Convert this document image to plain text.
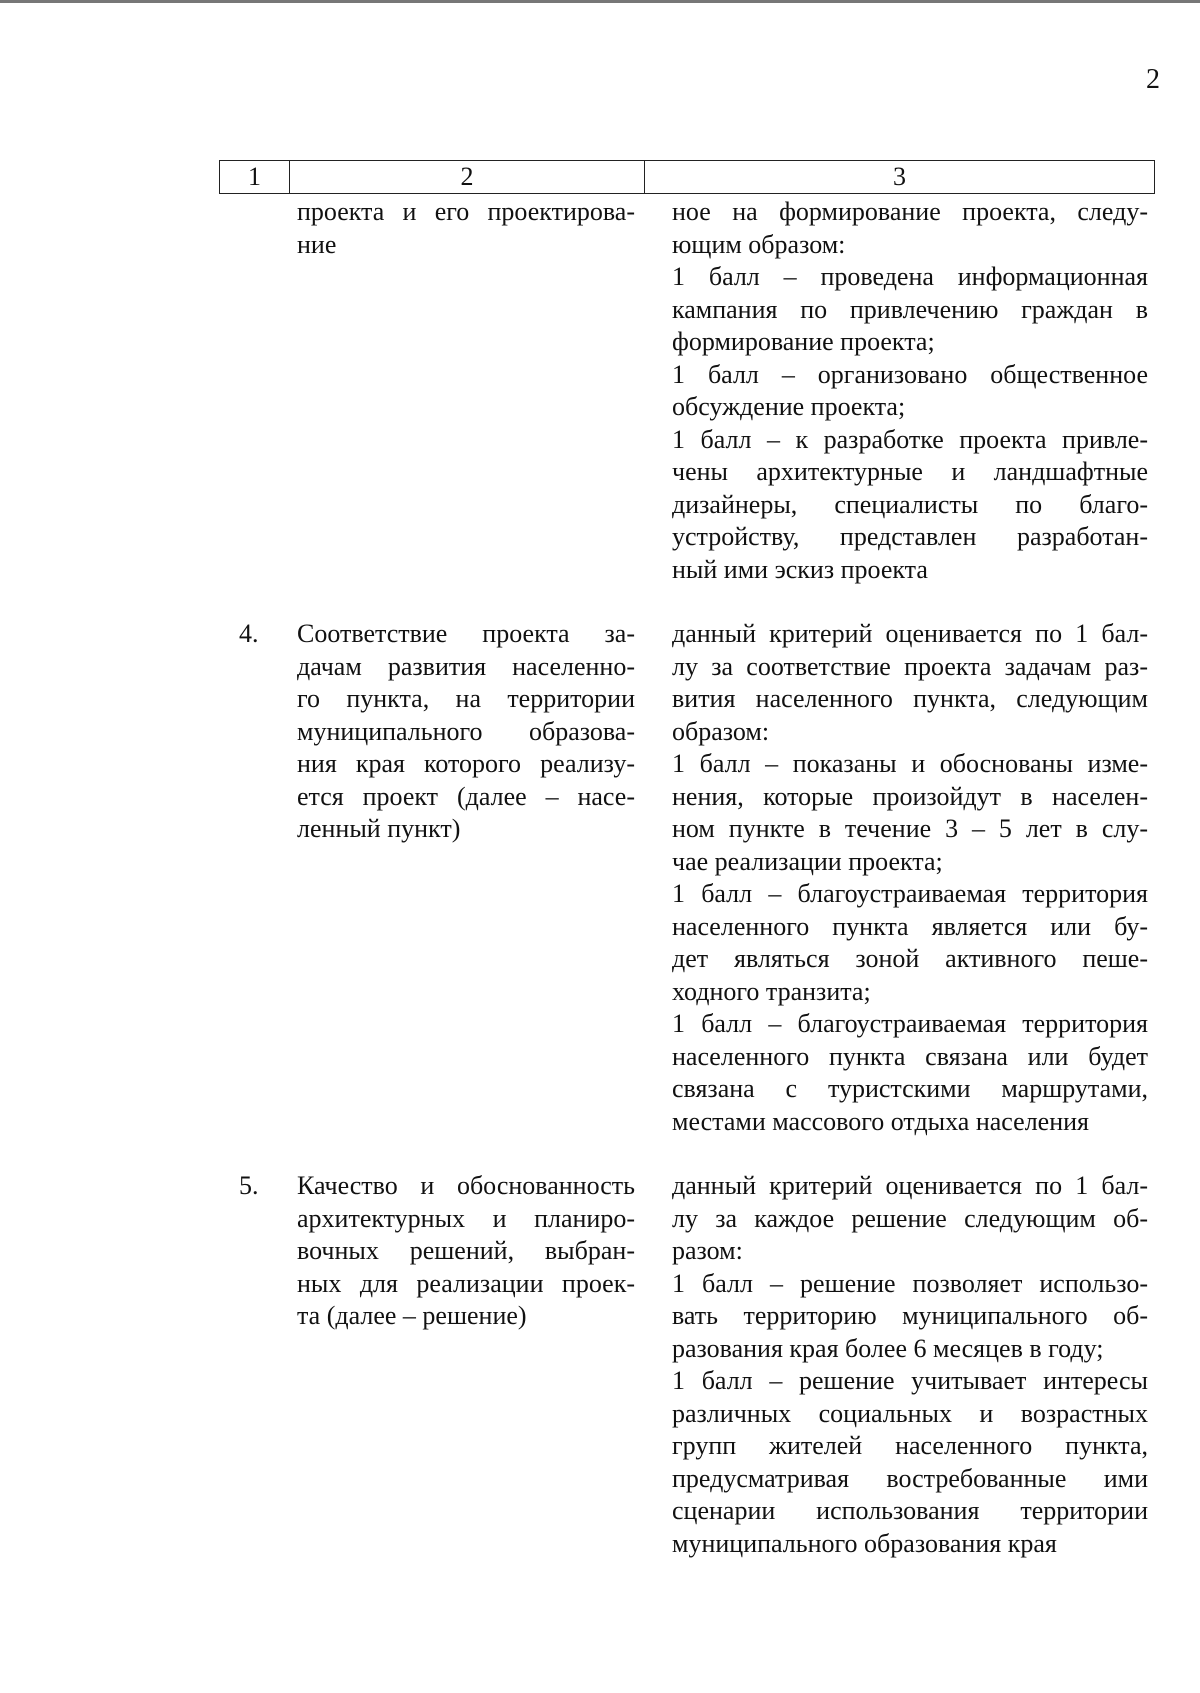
2
1	2	3
проекта и его проектирова-
ние
ное на формирование проекта, следу-
ющим образом:
1 балл – проведена информационная
кампания по привлечению граждан в
формирование проекта;
1 балл – организовано общественное
обсуждение проекта;
1 балл – к разработке проекта привле-
чены архитектурные и ландшафтные
дизайнеры, специалисты по благо-
устройству, представлен разработан-
ный ими эскиз проекта
4. Соответствие проекта за-
дачам развития населенно-
го пункта, на территории
муниципального образова-
ния края которого реализу-
ется проект (далее – насе-
ленный пункт)
данный критерий оценивается по 1 бал-
лу за соответствие проекта задачам раз-
вития населенного пункта, следующим
образом:
1 балл – показаны и обоснованы изме-
нения, которые произойдут в населен-
ном пункте в течение 3 – 5 лет в слу-
чае реализации проекта;
1 балл – благоустраиваемая территория
населенного пункта является или бу-
дет являться зоной активного пеше-
ходного транзита;
1 балл – благоустраиваемая территория
населенного пункта связана или будет
связана с туристскими маршрутами,
местами массового отдыха населения
5. Качество и обоснованность
архитектурных и планиро-
вочных решений, выбран-
ных для реализации проек-
та (далее – решение)
данный критерий оценивается по 1 бал-
лу за каждое решение следующим об-
разом:
1 балл – решение позволяет использо-
вать территорию муниципального об-
разования края более 6 месяцев в году;
1 балл – решение учитывает интересы
различных социальных и возрастных
групп жителей населенного пункта,
предусматривая востребованные ими
сценарии использования территории
муниципального образования края
